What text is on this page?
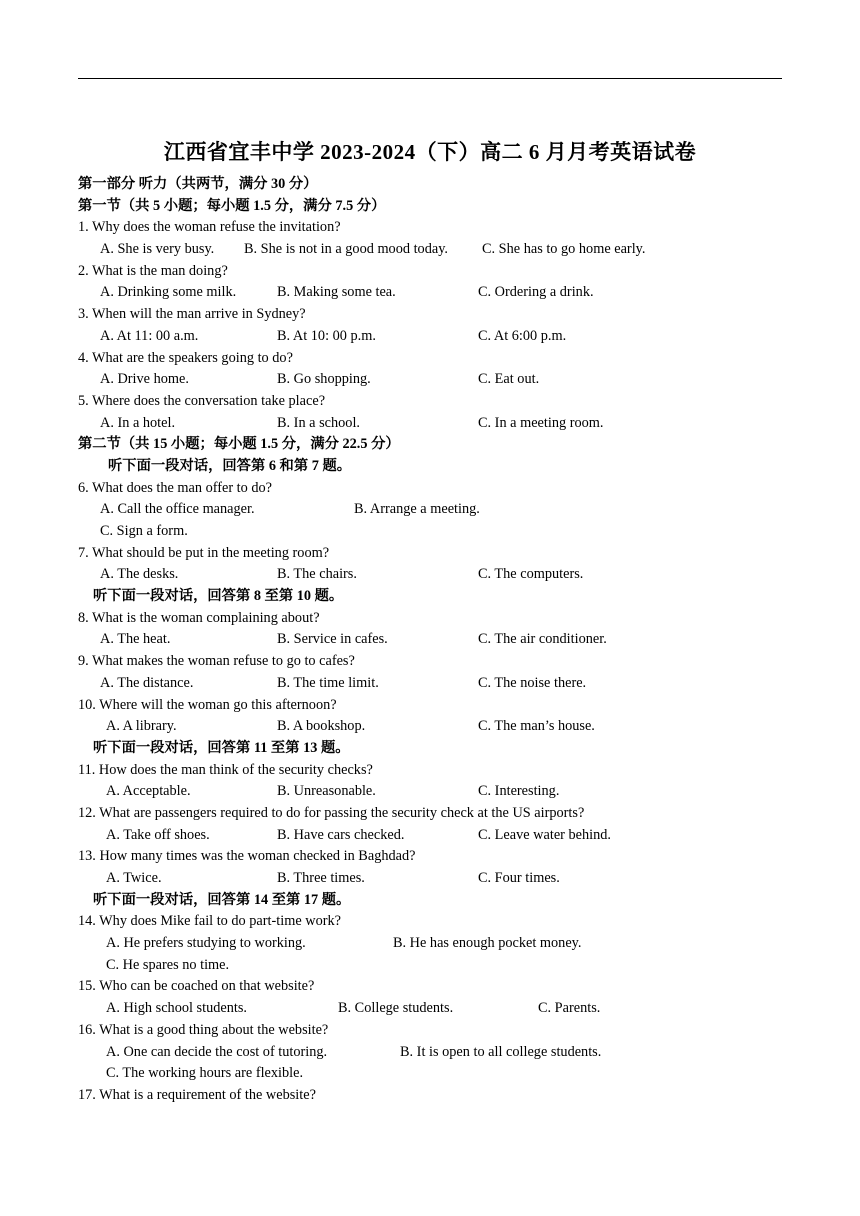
江西省宜丰中学 2023-2024（下）高二 6 月月考英语试卷
第一部分 听力（共两节，满分 30 分）
第一节（共 5 小题；每小题 1.5 分，满分 7.5 分）
1. Why does the woman refuse the invitation?
A. She is very busy. B. She is not in a good mood today. C. She has to go home early.
2. What is the man doing?
A. Drinking some milk.	B. Making some tea.	C. Ordering a drink.
3. When will the man arrive in Sydney?
A. At 11: 00 a.m.	B. At 10: 00 p.m.	C. At 6:00 p.m.
4. What are the speakers going to do?
A. Drive home.	B. Go shopping.	C. Eat out.
5. Where does the conversation take place?
A. In a hotel.	B. In a school.	C. In a meeting room.
第二节（共 15 小题；每小题 1.5 分，满分 22.5 分）
听下面一段对话，回答第 6 和第 7 题。
6. What does the man offer to do?
A. Call the office manager.	B. Arrange a meeting.
C. Sign a form.
7. What should be put in the meeting room?
A. The desks.	B. The chairs.	C. The computers.
听下面一段对话，回答第 8 至第 10 题。
8. What is the woman complaining about?
A. The heat.	B. Service in cafes.	C. The air conditioner.
9. What makes the woman refuse to go to cafes?
A. The distance.	B. The time limit.	C. The noise there.
10. Where will the woman go this afternoon?
A. A library.	B. A bookshop.	C. The man’s house.
听下面一段对话，回答第 11 至第 13 题。
11. How does the man think of the security checks?
A. Acceptable.	B. Unreasonable.	C. Interesting.
12. What are passengers required to do for passing the security check at the US airports?
A. Take off shoes.	B. Have cars checked.	C. Leave water behind.
13. How many times was the woman checked in Baghdad?
A. Twice.	B. Three times.	C. Four times.
听下面一段对话，回答第 14 至第 17 题。
14. Why does Mike fail to do part-time work?
A. He prefers studying to working.	B. He has enough pocket money.
C. He spares no time.
15. Who can be coached on that website?
A. High school students.	B. College students.	C. Parents.
16. What is a good thing about the website?
A. One can decide the cost of tutoring.	B. It is open to all college students.
C. The working hours are flexible.
17. What is a requirement of the website?
